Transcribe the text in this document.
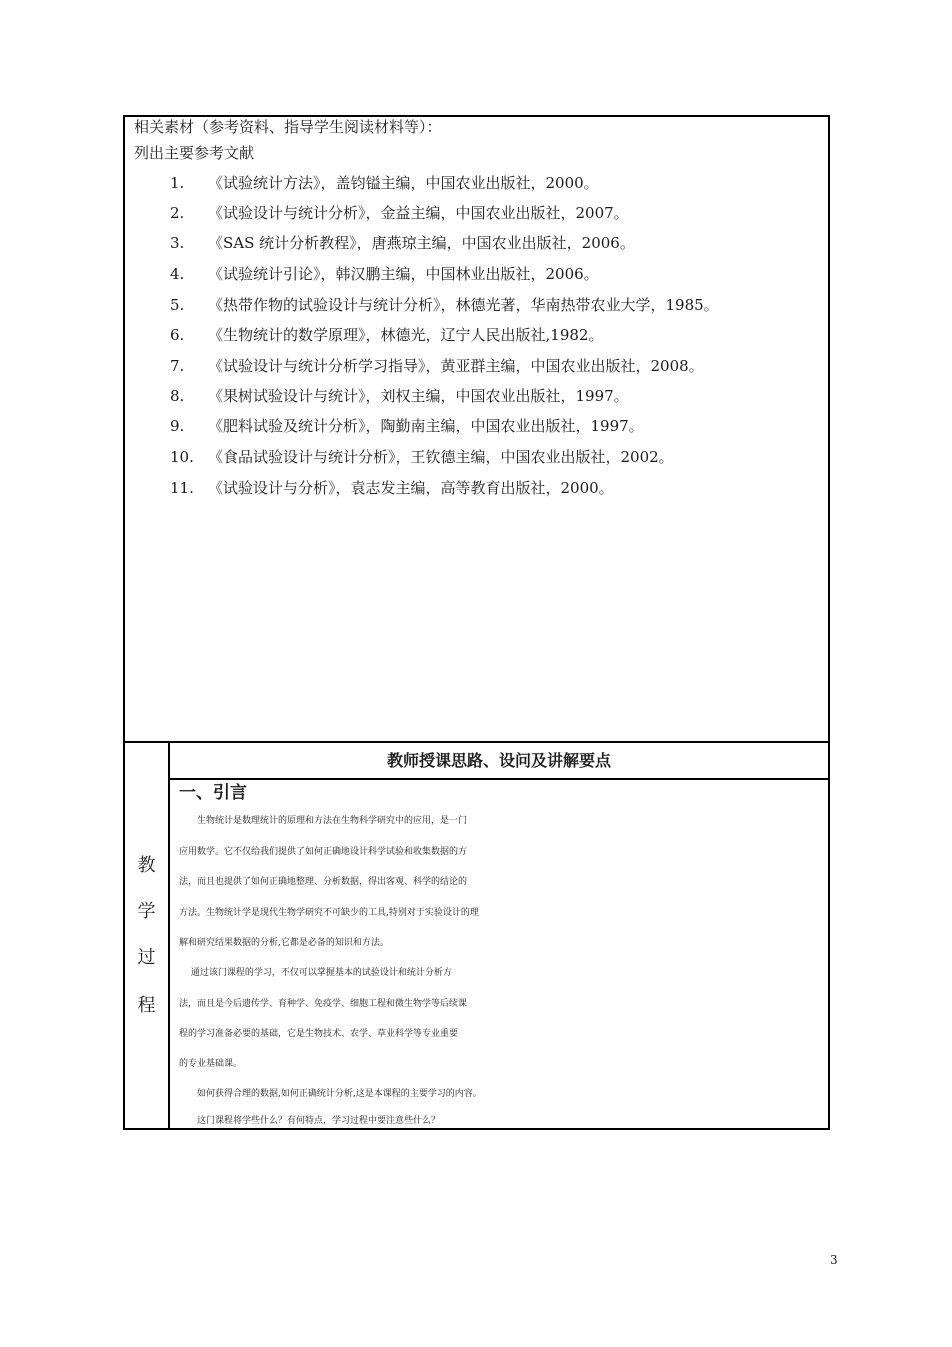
相关素材（参考资料、指导学生阅读材料等）：
列出主要参考文献
1. 《试验统计方法》，盖钧镒主编，中国农业出版社，2000。
2. 《试验设计与统计分析》，金益主编，中国农业出版社，2007。
3. 《SAS 统计分析教程》，唐燕琼主编，中国农业出版社，2006。
4. 《试验统计引论》，韩汉鹏主编，中国林业出版社，2006。
5. 《热带作物的试验设计与统计分析》，林德光著，华南热带农业大学，1985。
6. 《生物统计的数学原理》，林德光，辽宁人民出版社,1982。
7. 《试验设计与统计分析学习指导》，黄亚群主编，中国农业出版社，2008。
8. 《果树试验设计与统计》，刘权主编，中国农业出版社，1997。
9. 《肥料试验及统计分析》，陶勤南主编，中国农业出版社，1997。
10. 《食品试验设计与统计分析》，王钦德主编，中国农业出版社，2002。
11. 《试验设计与分析》，袁志发主编，高等教育出版社，2000。
教
学
过
程
教师授课思路、设问及讲解要点
一、引言
　　生物统计是数理统计的原理和方法在生物科学研究中的应用，是一门
应用数学。它不仅给我们提供了如何正确地设计科学试验和收集数据的方
法，而且也提供了如何正确地整理、分析数据，得出客观、科学的结论的
方法。生物统计学是现代生物学研究不可缺少的工具,特别对于实验设计的理
解和研究结果数据的分析,它都是必备的知识和方法。
　 通过该门课程的学习，不仅可以掌握基本的试验设计和统计分析方
法，而且是今后遗传学、育种学、免疫学、细胞工程和微生物学等后续课
程的学习准备必要的基础，它是生物技术、农学、草业科学等专业重要
的专业基础课。
　　如何获得合理的数据,如何正确统计分析,这是本课程的主要学习的内容。
　　这门课程将学些什么？有何特点，学习过程中要注意些什么？
3
